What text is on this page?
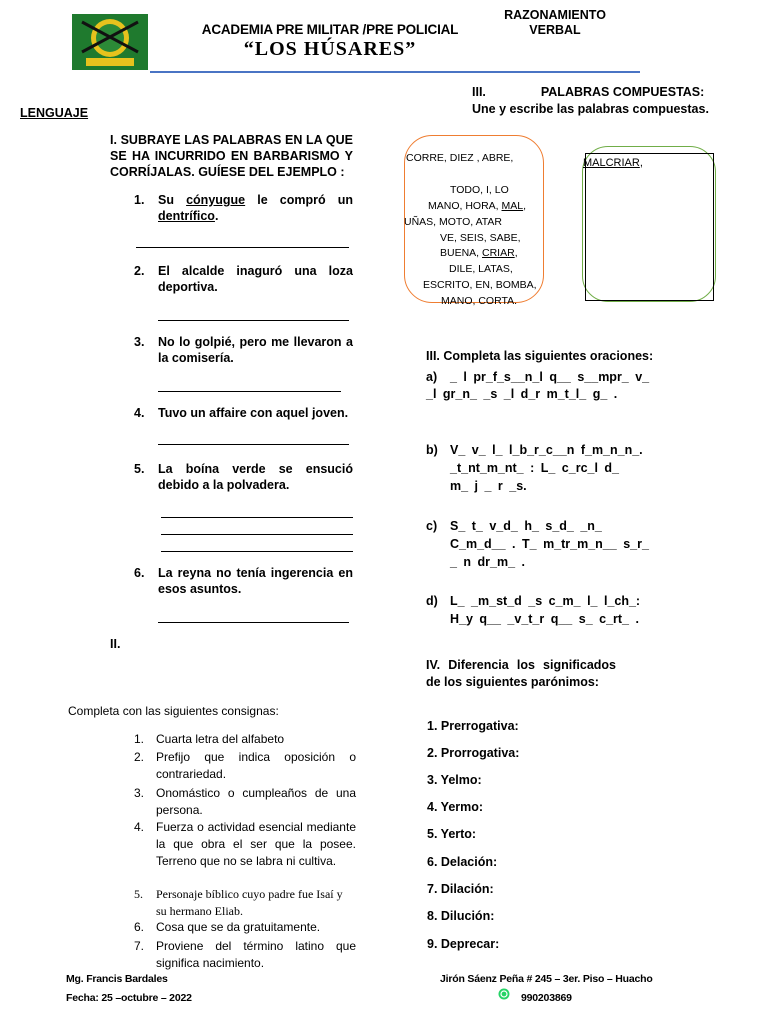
ACADEMIA PRE MILITAR /PRE POLICIAL
“LOS HÚSARES”
RAZONAMIENTO
VERBAL
LENGUAJE
I. SUBRAYE LAS PALABRAS EN LA QUE SE HA INCURRIDO EN BARBARISMO Y CORRÍJALAS. GUÍESE DEL EJEMPLO :
1. Su cónyugue le compró un dentrífico.
2. El alcalde inaguró una loza deportiva.
3. No lo golpié, pero me llevaron a la comisería.
4. Tuvo un affaire con aquel joven.
5. La boína verde se ensució debido a la polvadera.
6. La reyna no tenía ingerencia en esos asuntos.
II.
Completa con las siguientes consignas:
1. Cuarta letra del alfabeto
2. Prefijo que indica oposición o contrariedad.
3. Onomástico o cumpleaños de una persona.
4. Fuerza o actividad esencial mediante la que obra el ser que la posee. Terreno que no se labra ni cultiva.
5. Personaje bíblico cuyo padre fue Isaí y su hermano Eliab.
6. Cosa que se da gratuitamente.
7. Proviene del término latino que significa nacimiento.
III.	PALABRAS COMPUESTAS: Une y escribe las palabras compuestas.
CORRE, DIEZ , ABRE,
TODO, I, LO
MANO, HORA, MAL,
UÑAS, MOTO, ATAR
VE, SEIS, SABE,
BUENA, CRIAR,
DILE, LATAS,
ESCRITO, EN, BOMBA,
MANO, CORTA.
MALCRIAR,
III. Completa las siguientes oraciones:
a) _ l pr_f_s__n_l q__ s__mpr_ v_
_l gr_n_ _s _l d_r m_t_l_ g_ .
b) V_ v_ l_ l_b_r_c__n f_m_n_n_.
_t_nt_m_nt_ : L_ c_rc_l d_
m_ j _ r _s.
c) S_ t_ v_d_ h_ s_d_ _n_
C_m_d__ . T_ m_tr_m_n__ s_r_
_ n dr_m_ .
d) L_ _m_st_d _s c_m_ l_ l_ch_:
H_y q__ _v_t_r q__ s_ c_rt_ .
IV. Diferencia los significados de los siguientes parónimos:
1. Prerrogativa:
2. Prorrogativa:
3. Yelmo:
4. Yermo:
5. Yerto:
6. Delación:
7. Dilación:
8. Dilución:
9. Deprecar:
Mg. Francis Bardales
Fecha: 25 –octubre – 2022
Jirón Sáenz Peña # 245 – 3er. Piso – Huacho
990203869
